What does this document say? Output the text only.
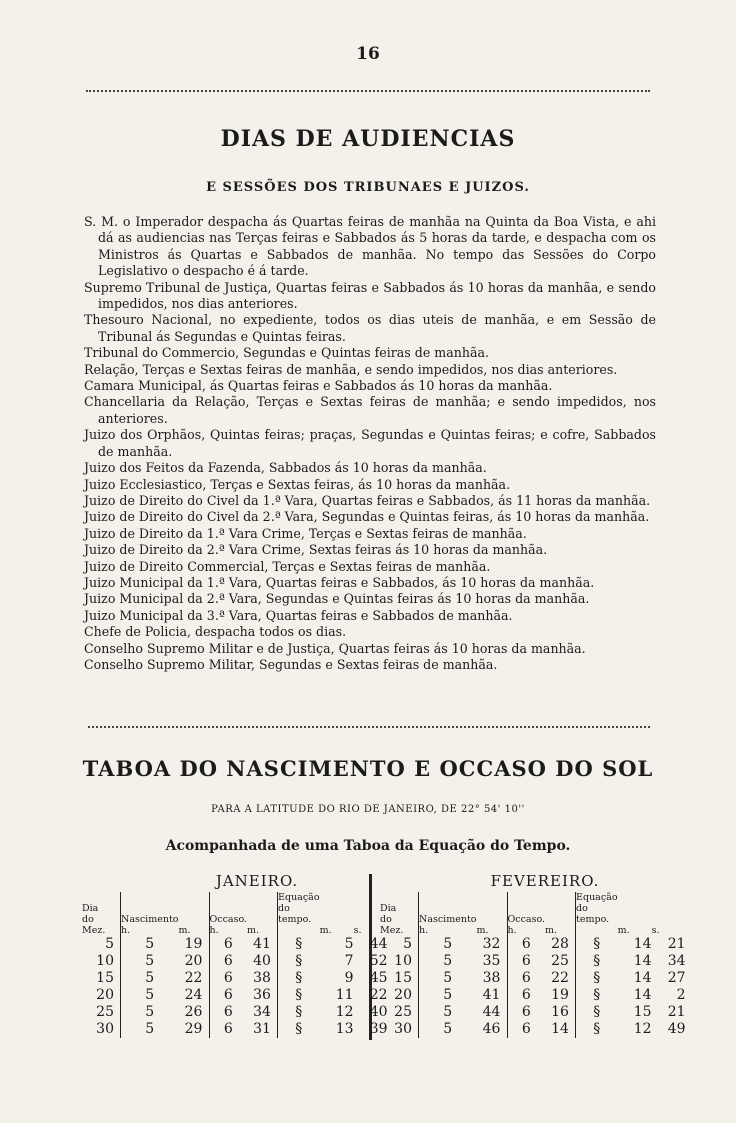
16
DIAS DE AUDIENCIAS
E SESSÕES DOS TRIBUNAES E JUIZOS.
S. M. o Imperador despacha ás Quartas feiras de manhãa na Quinta da Boa Vista, e ahi dá as audiencias nas Terças feiras e Sabbados ás 5 horas da tarde, e despacha com os Ministros ás Quartas e Sabbados de manhãa. No tempo das Sessões do Corpo Legislativo o despacho é á tarde.
Supremo Tribunal de Justiça, Quartas feiras e Sabbados ás 10 horas da manhãa, e sendo impedidos, nos dias anteriores.
Thesouro Nacional, no expediente, todos os dias uteis de manhãa, e em Sessão de Tribunal ás Segundas e Quintas feiras.
Tribunal do Commercio, Segundas e Quintas feiras de manhãa.
Relação, Terças e Sextas feiras de manhãa, e sendo impedidos, nos dias anteriores.
Camara Municipal, ás Quartas feiras e Sabbados ás 10 horas da manhãa.
Chancellaria da Relação, Terças e Sextas feiras de manhãa; e sendo impedidos, nos anteriores.
Juizo dos Orphãos, Quintas feiras; praças, Segundas e Quintas feiras; e cofre, Sabbados de manhãa.
Juizo dos Feitos da Fazenda, Sabbados ás 10 horas da manhãa.
Juizo Ecclesiastico, Terças e Sextas feiras, ás 10 horas da manhãa.
Juizo de Direito do Civel da 1.ª Vara, Quartas feiras e Sabbados, ás 11 horas da manhãa.
Juizo de Direito do Civel da 2.ª Vara, Segundas e Quintas feiras, ás 10 horas da manhãa.
Juizo de Direito da 1.ª Vara Crime, Terças e Sextas feiras de manhãa.
Juizo de Direito da 2.ª Vara Crime, Sextas feiras ás 10 horas da manhãa.
Juizo de Direito Commercial, Terças e Sextas feiras de manhãa.
Juizo Municipal da 1.ª Vara, Quartas feiras e Sabbados, ás 10 horas da manhãa.
Juizo Municipal da 2.ª Vara, Segundas e Quintas feiras ás 10 horas da manhãa.
Juizo Municipal da 3.ª Vara, Quartas feiras e Sabbados de manhãa.
Chefe de Policia, despacha todos os dias.
Conselho Supremo Militar e de Justiça, Quartas feiras ás 10 horas da manhãa.
Conselho Supremo Militar, Segundas e Sextas feiras de manhãa.
TABOA DO NASCIMENTO E OCCASO DO SOL
PARA A LATITUDE DO RIO DE JANEIRO, DE 22° 54' 10''
Acompanhada de uma Taboa da Equação do Tempo.
JANEIRO.
Dia
do
Mez.	Nascimento
h.	m.	Occaso.
h.	m.	Equação do tempo.	m.	s.
5	5	19	6	41	§	5	44
10	5	20	6	40	§	7	52
15	5	22	6	38	§	9	45
20	5	24	6	36	§	11	22
25	5	26	6	34	§	12	40
30	5	29	6	31	§	13	39
FEVEREIRO.
Dia
do
Mez.	Nascimento
h.	m.	Occaso.
h.	m.	Equação do tempo.	m.	s.
5	5	32	6	28	§	14	21
10	5	35	6	25	§	14	34
15	5	38	6	22	§	14	27
20	5	41	6	19	§	14	2
25	5	44	6	16	§	15	21
30	5	46	6	14	§	12	49
